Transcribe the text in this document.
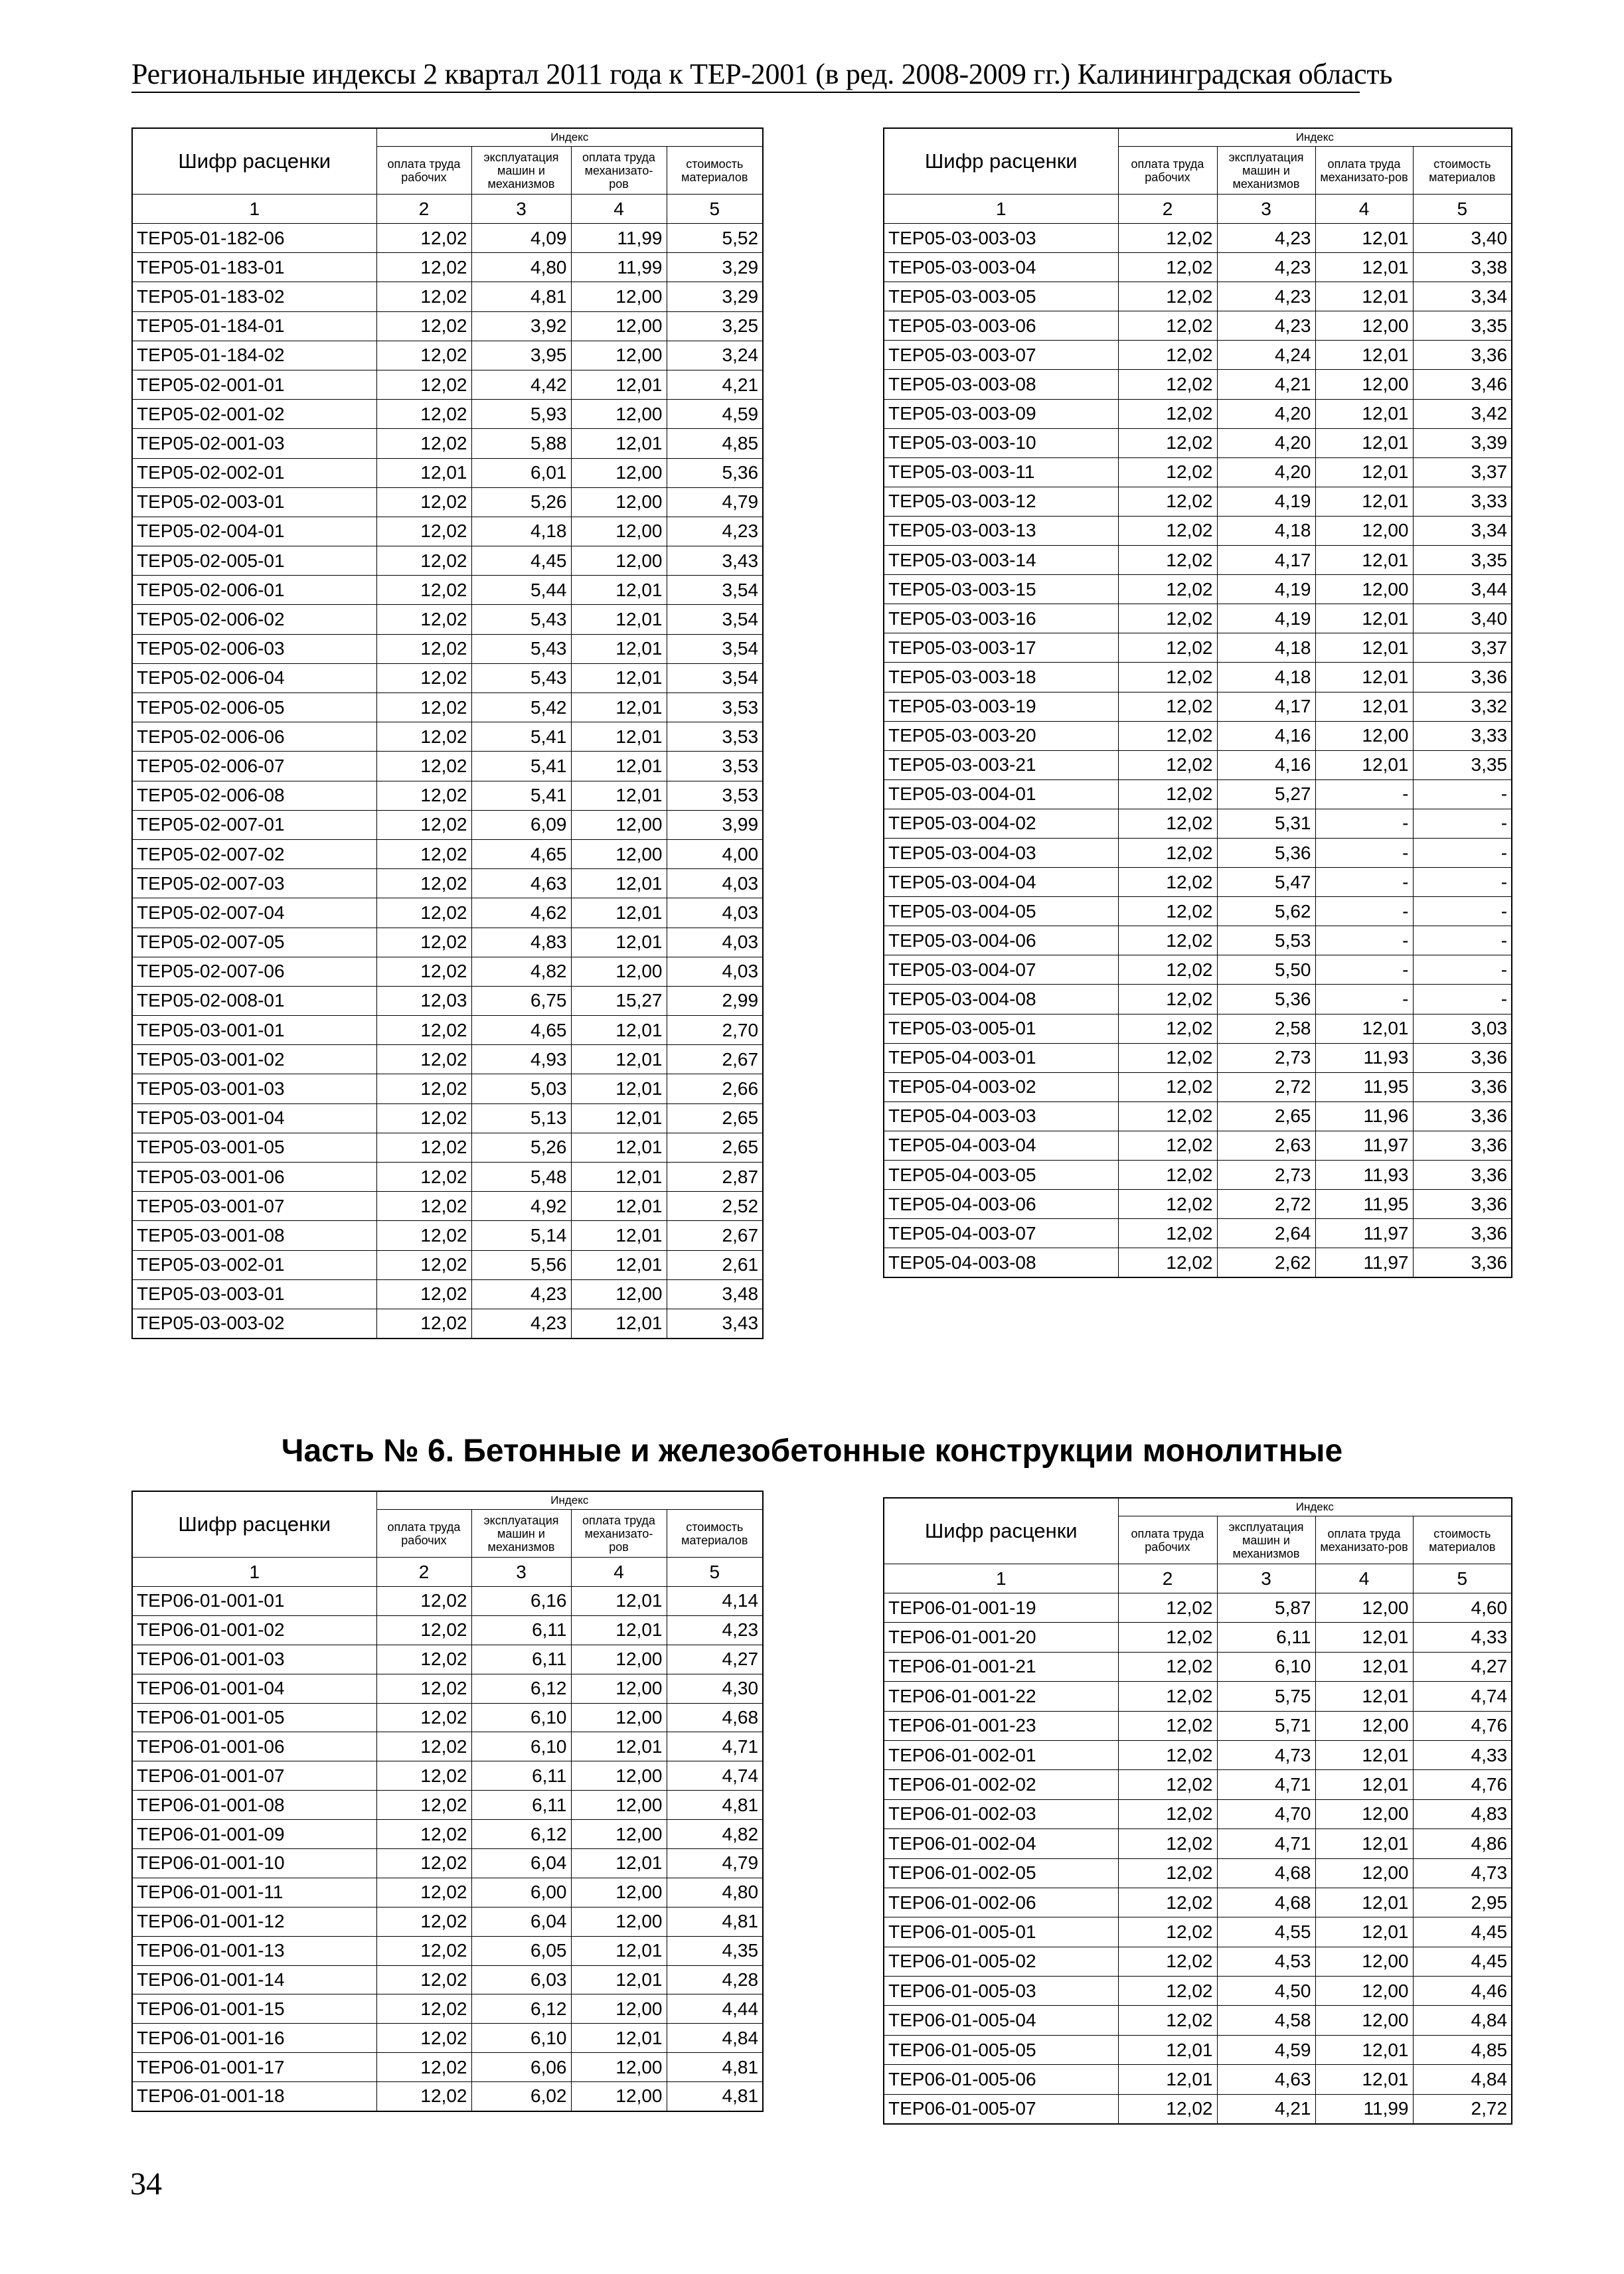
Региональные индексы 2 квартал 2011 года к ТЕР-2001 (в ред. 2008-2009 гг.) Калининградская область
Шифр расценки	Индекс			
	оплата труда рабочих	эксплуатация машин и механизмов	оплата труда механизато-ров	стоимость материалов
1	2	3	4	5
ТЕР05-01-182-06	12,02	4,09	11,99	5,52
ТЕР05-01-183-01	12,02	4,80	11,99	3,29
ТЕР05-01-183-02	12,02	4,81	12,00	3,29
ТЕР05-01-184-01	12,02	3,92	12,00	3,25
ТЕР05-01-184-02	12,02	3,95	12,00	3,24
ТЕР05-02-001-01	12,02	4,42	12,01	4,21
ТЕР05-02-001-02	12,02	5,93	12,00	4,59
ТЕР05-02-001-03	12,02	5,88	12,01	4,85
ТЕР05-02-002-01	12,01	6,01	12,00	5,36
ТЕР05-02-003-01	12,02	5,26	12,00	4,79
ТЕР05-02-004-01	12,02	4,18	12,00	4,23
ТЕР05-02-005-01	12,02	4,45	12,00	3,43
ТЕР05-02-006-01	12,02	5,44	12,01	3,54
ТЕР05-02-006-02	12,02	5,43	12,01	3,54
ТЕР05-02-006-03	12,02	5,43	12,01	3,54
ТЕР05-02-006-04	12,02	5,43	12,01	3,54
ТЕР05-02-006-05	12,02	5,42	12,01	3,53
ТЕР05-02-006-06	12,02	5,41	12,01	3,53
ТЕР05-02-006-07	12,02	5,41	12,01	3,53
ТЕР05-02-006-08	12,02	5,41	12,01	3,53
ТЕР05-02-007-01	12,02	6,09	12,00	3,99
ТЕР05-02-007-02	12,02	4,65	12,00	4,00
ТЕР05-02-007-03	12,02	4,63	12,01	4,03
ТЕР05-02-007-04	12,02	4,62	12,01	4,03
ТЕР05-02-007-05	12,02	4,83	12,01	4,03
ТЕР05-02-007-06	12,02	4,82	12,00	4,03
ТЕР05-02-008-01	12,03	6,75	15,27	2,99
ТЕР05-03-001-01	12,02	4,65	12,01	2,70
ТЕР05-03-001-02	12,02	4,93	12,01	2,67
ТЕР05-03-001-03	12,02	5,03	12,01	2,66
ТЕР05-03-001-04	12,02	5,13	12,01	2,65
ТЕР05-03-001-05	12,02	5,26	12,01	2,65
ТЕР05-03-001-06	12,02	5,48	12,01	2,87
ТЕР05-03-001-07	12,02	4,92	12,01	2,52
ТЕР05-03-001-08	12,02	5,14	12,01	2,67
ТЕР05-03-002-01	12,02	5,56	12,01	2,61
ТЕР05-03-003-01	12,02	4,23	12,00	3,48
ТЕР05-03-003-02	12,02	4,23	12,01	3,43
Шифр расценки	Индекс			
	оплата труда рабочих	эксплуатация машин и механизмов	оплата труда механизато-ров	стоимость материалов
1	2	3	4	5
ТЕР05-03-003-03	12,02	4,23	12,01	3,40
ТЕР05-03-003-04	12,02	4,23	12,01	3,38
ТЕР05-03-003-05	12,02	4,23	12,01	3,34
ТЕР05-03-003-06	12,02	4,23	12,00	3,35
ТЕР05-03-003-07	12,02	4,24	12,01	3,36
ТЕР05-03-003-08	12,02	4,21	12,00	3,46
ТЕР05-03-003-09	12,02	4,20	12,01	3,42
ТЕР05-03-003-10	12,02	4,20	12,01	3,39
ТЕР05-03-003-11	12,02	4,20	12,01	3,37
ТЕР05-03-003-12	12,02	4,19	12,01	3,33
ТЕР05-03-003-13	12,02	4,18	12,00	3,34
ТЕР05-03-003-14	12,02	4,17	12,01	3,35
ТЕР05-03-003-15	12,02	4,19	12,00	3,44
ТЕР05-03-003-16	12,02	4,19	12,01	3,40
ТЕР05-03-003-17	12,02	4,18	12,01	3,37
ТЕР05-03-003-18	12,02	4,18	12,01	3,36
ТЕР05-03-003-19	12,02	4,17	12,01	3,32
ТЕР05-03-003-20	12,02	4,16	12,00	3,33
ТЕР05-03-003-21	12,02	4,16	12,01	3,35
ТЕР05-03-004-01	12,02	5,27	-	-
ТЕР05-03-004-02	12,02	5,31	-	-
ТЕР05-03-004-03	12,02	5,36	-	-
ТЕР05-03-004-04	12,02	5,47	-	-
ТЕР05-03-004-05	12,02	5,62	-	-
ТЕР05-03-004-06	12,02	5,53	-	-
ТЕР05-03-004-07	12,02	5,50	-	-
ТЕР05-03-004-08	12,02	5,36	-	-
ТЕР05-03-005-01	12,02	2,58	12,01	3,03
ТЕР05-04-003-01	12,02	2,73	11,93	3,36
ТЕР05-04-003-02	12,02	2,72	11,95	3,36
ТЕР05-04-003-03	12,02	2,65	11,96	3,36
ТЕР05-04-003-04	12,02	2,63	11,97	3,36
ТЕР05-04-003-05	12,02	2,73	11,93	3,36
ТЕР05-04-003-06	12,02	2,72	11,95	3,36
ТЕР05-04-003-07	12,02	2,64	11,97	3,36
ТЕР05-04-003-08	12,02	2,62	11,97	3,36
Часть № 6. Бетонные и железобетонные конструкции монолитные
Шифр расценки	Индекс			
	оплата труда рабочих	эксплуатация машин и механизмов	оплата труда механизато-ров	стоимость материалов
1	2	3	4	5
ТЕР06-01-001-01	12,02	6,16	12,01	4,14
ТЕР06-01-001-02	12,02	6,11	12,01	4,23
ТЕР06-01-001-03	12,02	6,11	12,00	4,27
ТЕР06-01-001-04	12,02	6,12	12,00	4,30
ТЕР06-01-001-05	12,02	6,10	12,00	4,68
ТЕР06-01-001-06	12,02	6,10	12,01	4,71
ТЕР06-01-001-07	12,02	6,11	12,00	4,74
ТЕР06-01-001-08	12,02	6,11	12,00	4,81
ТЕР06-01-001-09	12,02	6,12	12,00	4,82
ТЕР06-01-001-10	12,02	6,04	12,01	4,79
ТЕР06-01-001-11	12,02	6,00	12,00	4,80
ТЕР06-01-001-12	12,02	6,04	12,00	4,81
ТЕР06-01-001-13	12,02	6,05	12,01	4,35
ТЕР06-01-001-14	12,02	6,03	12,01	4,28
ТЕР06-01-001-15	12,02	6,12	12,00	4,44
ТЕР06-01-001-16	12,02	6,10	12,01	4,84
ТЕР06-01-001-17	12,02	6,06	12,00	4,81
ТЕР06-01-001-18	12,02	6,02	12,00	4,81
Шифр расценки	Индекс			
	оплата труда рабочих	эксплуатация машин и механизмов	оплата труда механизато-ров	стоимость материалов
1	2	3	4	5
ТЕР06-01-001-19	12,02	5,87	12,00	4,60
ТЕР06-01-001-20	12,02	6,11	12,01	4,33
ТЕР06-01-001-21	12,02	6,10	12,01	4,27
ТЕР06-01-001-22	12,02	5,75	12,01	4,74
ТЕР06-01-001-23	12,02	5,71	12,00	4,76
ТЕР06-01-002-01	12,02	4,73	12,01	4,33
ТЕР06-01-002-02	12,02	4,71	12,01	4,76
ТЕР06-01-002-03	12,02	4,70	12,00	4,83
ТЕР06-01-002-04	12,02	4,71	12,01	4,86
ТЕР06-01-002-05	12,02	4,68	12,00	4,73
ТЕР06-01-002-06	12,02	4,68	12,01	2,95
ТЕР06-01-005-01	12,02	4,55	12,01	4,45
ТЕР06-01-005-02	12,02	4,53	12,00	4,45
ТЕР06-01-005-03	12,02	4,50	12,00	4,46
ТЕР06-01-005-04	12,02	4,58	12,00	4,84
ТЕР06-01-005-05	12,01	4,59	12,01	4,85
ТЕР06-01-005-06	12,01	4,63	12,01	4,84
ТЕР06-01-005-07	12,02	4,21	11,99	2,72
34
